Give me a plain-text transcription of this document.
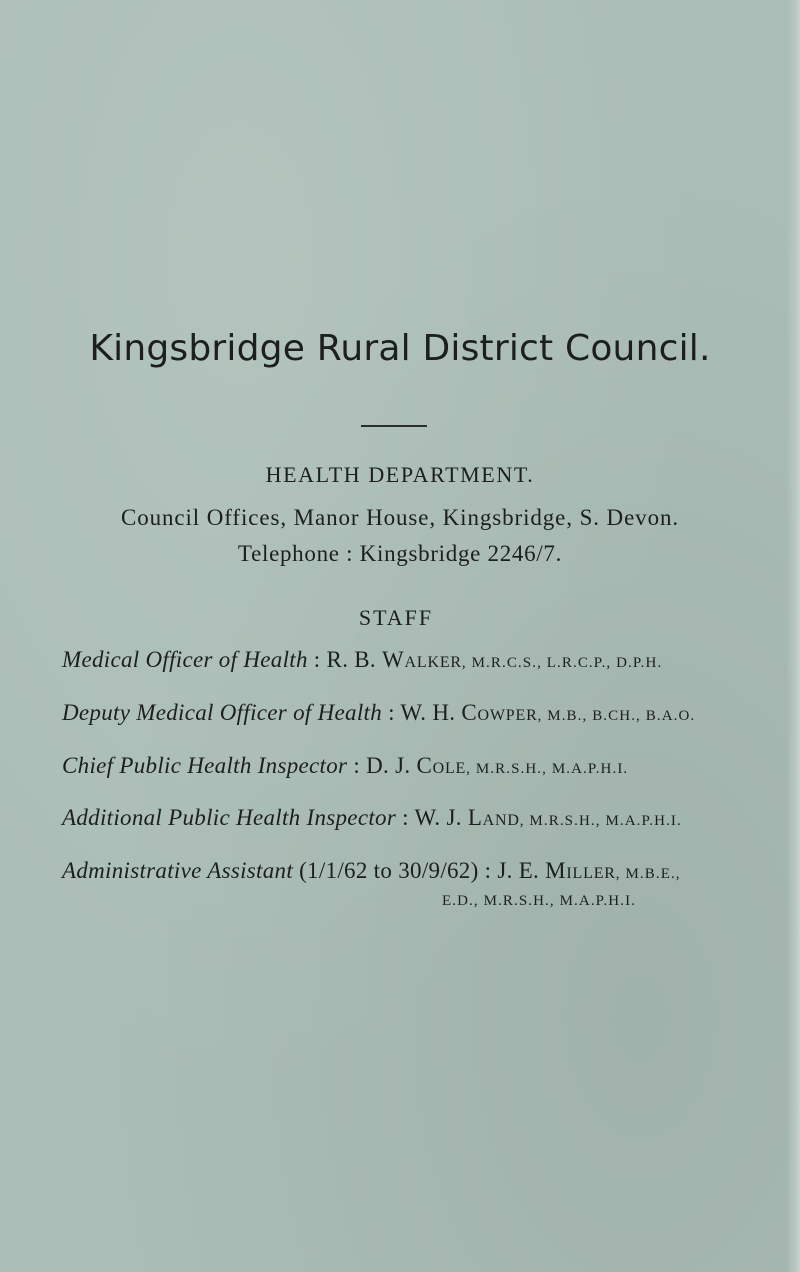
Kingsbridge Rural District Council.
HEALTH DEPARTMENT.
Council Offices, Manor House, Kingsbridge, S. Devon.
Telephone : Kingsbridge 2246/7.
STAFF
Medical Officer of Health : R. B. Walker, M.R.C.S., L.R.C.P., D.P.H.
Deputy Medical Officer of Health : W. H. Cowper, M.B., B.CH., B.A.O.
Chief Public Health Inspector : D. J. Cole, M.R.S.H., M.A.P.H.I.
Additional Public Health Inspector : W. J. Land, M.R.S.H., M.A.P.H.I.
Administrative Assistant (1/1/62 to 30/9/62) : J. E. Miller, M.B.E.,
E.D., M.R.S.H., M.A.P.H.I.
